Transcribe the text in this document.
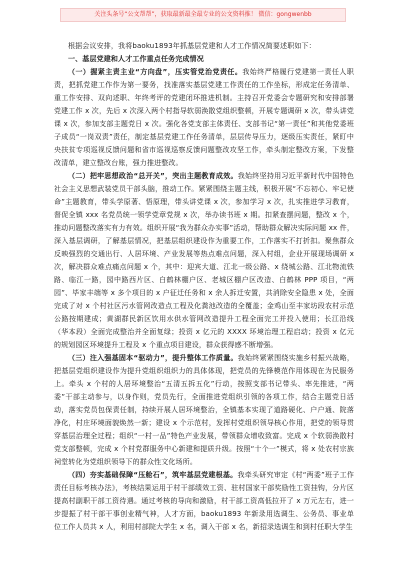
关注头条号“公文帮帮”，获取最新最全最专业的公文资料推！ 微信：gongwenbb

根据会议安排，我将baoku1893年抓基层党建和人才工作情况简要述职如下：

一、基层党建和人才工作重点任务完成情况

（一）握紧主责主业“方向盘”，压实管党治党责任。我始终严格履行党建第一责任人职责，把抓党建工作作为第一要务，找准落实基层党建工作责任的工作坐标，形成定任务清单、重工作安排、双向述职、年终考评的党建闭环推进机制。主持召开党委会专题研究和安排部署党建工作 x 次，先后 x 次深入两个村指导软弱涣散党组织整顿，开展专题调研 x 次，带头讲党课 x 次，参加支部主题党日 x 次。强化各党支部主体责任、支部书记“第一责任”和其他党委班子成员“一岗双责”责任，制定基层党建工作任务清单，层层传导压力，逐级压实责任，紧盯中央扶贫专项巡视反馈问题和省市巡视巡察反馈问题整改攻坚工作，牵头制定整改方案，下发整改清单，建立整改台账，强力推进整改。

（二）把牢思想政治“总开关”，突出主题教育成效。我始终坚持用习近平新时代中国特色社会主义思想武装党员干部头脑，推动工作。紧紧围绕主题主线，积极开展“不忘初心、牢记使命”主题教育，带头学原著、悟原理，带头讲党课 x 次，参加学习 x 次，扎实推进学习教育，督促全镇 xxx 名党员统一领学党章党规 x 次，举办读书班 x 期。扣紧查摆问题，整改 x 个，推动问题整改落实有力有效。组织开展“我为群众办实事”活动，帮助群众解决实际问题 xx 件，深入基层调研，了解基层情况，把基层组织建设作为重要工作，工作落实不打折扣。聚焦群众反映强烈的交通出行、人居环境、产业发展等热点难点问题，深入村组，企业开展现场调研 x 次，解决群众难点痛点问题 x 个，其中：迎宾大道、江北一级公路、x 绕城公路、江北物流铁路、临江一路，园中路西片区、白鹤林棚户区、老城区棚户区改造、白鹤林 PPP 项目，“两园”、毕家丰端等 x 多个项目的 x 户征迁任务和 x 余人拆迁安置，共消除安全隐患 x 处，全面完成了对 x 个村社区污水管网改造点工程及化粪池改造的全覆盖；金鸡山至丰家坊段农村示范公路按期建成；黄湖群民新区饮用水供水管网改造提升工程全面完工并投入使用；长江沿线（华本段）全面完成整治并全面复绿；投资 x 亿元的 XXXX 环境治理工程启动；投资 x 亿元的规划园区环境提升工程及 x 个重点项目建设，群众获得感不断增强。

（三）注入强基固本“驱动力”，提升整体工作质量。我始终紧紧围绕实施乡村振兴战略，把基层党组织建设作为提升党组织组织力的具体体现，把党员的先锋模范作用体现在为民服务上。牵头 x 个村的人居环境整治“五清五拆五化”行动，按照支部书记带头、率先推进，“两委”干部主动参与，以身作则，党员先行，全面推进党组织引领的各项工作，结合主题党日活动，落实党员包保责任制，持续开展人居环境整治，全镇基本实现了道路硬化、户户通、院落净化，村庄环境面貌焕然一新；建设 x 个示范村，发挥村党组织领导核心作用，把党的领导贯穿基层治理全过程；组织“一村一品”特色产业发展，带领群众增收致富。完成 x 个软弱涣散村党支部整顿，完成 x 个村党群服务中心新建和提质升级。按照“十个一”模式，将 x 处农村宗族祠堂转化为党组织领导下的群众性文化场所。

（四）夯实基础保障“压舱石”，筑牢基层党建根基。我牵头研究审定《村“两委”班子工作责任目标考核办法》，考核结果运用于村干部绩效工资、驻村国家干部奖励性工资挂钩，分片区提高村副职干部工资待遇。通过考核的导向和激励，村干部工资高低拉开了 x 万元左右，进一步提振了村干部干事创业精气神，人才方面，baoku1893 年新录用选调生、公务员、事业单位工作人员共 x 人，利用村部院大学生 x 名，调入干部 x 名，新招录选调生和到村任职大学生
